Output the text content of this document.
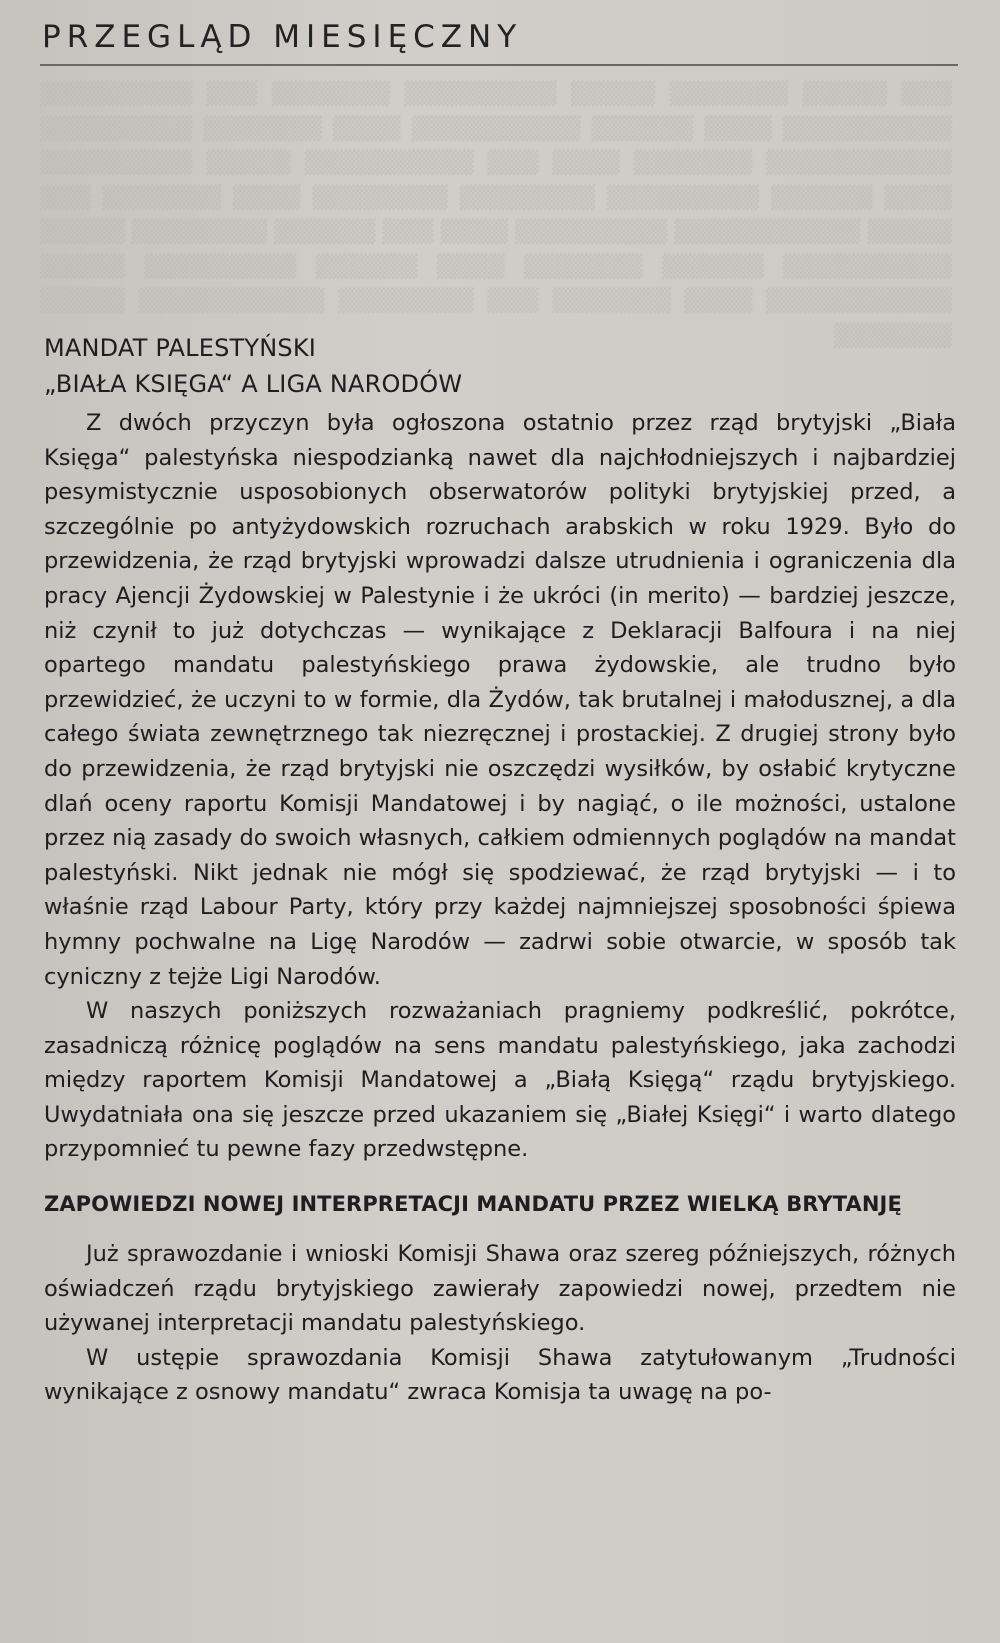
▒▒▒ ▒▒▒▒▒ ▒▒▒▒▒▒▒ ▒▒▒▒▒ ▒▒▒▒▒▒▒▒▒ ▒▒▒▒▒▒▒ ▒▒▒ ▒▒▒▒▒▒▒▒▒ ▒▒▒▒▒▒▒▒▒▒ ▒▒▒▒ ▒▒▒▒▒▒ ▒▒▒▒▒▒▒▒▒▒ ▒▒▒▒ ▒▒▒▒▒▒▒ ▒▒▒▒▒▒▒▒▒ ▒▒▒▒▒▒▒▒▒▒▒ ▒▒▒▒▒▒▒ ▒▒▒▒ ▒▒▒ ▒▒▒▒▒▒▒▒▒▒ ▒▒▒▒▒ ▒▒▒▒▒▒▒▒▒ ▒▒▒▒ ▒▒▒▒▒▒ ▒▒▒▒▒▒▒▒▒ ▒▒▒▒▒▒▒▒ ▒▒▒▒▒▒▒▒ ▒▒▒▒ ▒▒▒▒▒▒▒ ▒▒▒ ▒▒▒▒▒ ▒▒▒▒▒▒▒▒▒▒▒ ▒▒▒▒▒▒▒▒▒ ▒▒▒▒ ▒▒▒ ▒▒▒▒▒▒ ▒▒▒▒▒▒▒▒ ▒▒▒▒▒ ▒▒▒▒▒▒▒▒▒▒ ▒▒▒▒▒▒ ▒▒▒▒▒▒▒ ▒▒▒▒ ▒▒▒▒▒▒ ▒▒▒▒▒▒▒▒▒ ▒▒▒▒▒ ▒▒▒▒▒▒▒▒▒▒▒ ▒▒▒▒ ▒▒▒▒▒▒▒ ▒▒▒ ▒▒▒▒▒▒▒▒ ▒▒▒▒▒▒▒▒▒▒▒ ▒▒▒▒▒ ▒▒▒▒▒▒▒
PRZEGLĄD MIESIĘCZNY
MANDAT PALESTYŃSKI
„BIAŁA KSIĘGA“ A LIGA NARODÓW

Z dwóch przyczyn była ogłoszona ostatnio przez rząd brytyjski „Biała Księga“ palestyńska niespodzianką nawet dla najchłodniejszych i najbardziej pesymistycznie usposobionych obserwatorów polityki brytyjskiej przed, a szczególnie po antyżydowskich rozruchach arabskich w roku 1929. Było do przewidzenia, że rząd brytyjski wprowadzi dalsze utrudnienia i ograniczenia dla pracy Ajencji Żydowskiej w Palestynie i że ukróci (in merito) — bardziej jeszcze, niż czynił to już dotychczas — wynikające z Deklaracji Balfoura i na niej opartego mandatu palestyńskiego prawa żydowskie, ale trudno było przewidzieć, że uczyni to w formie, dla Żydów, tak brutalnej i małodusznej, a dla całego świata zewnętrznego tak niezręcznej i prostackiej. Z drugiej strony było do przewidzenia, że rząd brytyjski nie oszczędzi wysiłków, by osłabić krytyczne dlań oceny raportu Komisji Mandatowej i by nagiąć, o ile możności, ustalone przez nią zasady do swoich własnych, całkiem odmiennych poglądów na mandat palestyński. Nikt jednak nie mógł się spodziewać, że rząd brytyjski — i to właśnie rząd Labour Party, który przy każdej najmniejszej sposobności śpiewa hymny pochwalne na Ligę Narodów — zadrwi sobie otwarcie, w sposób tak cyniczny z tejże Ligi Narodów.

W naszych poniższych rozważaniach pragniemy podkreślić, pokrótce, zasadniczą różnicę poglądów na sens mandatu palestyńskiego, jaka zachodzi między raportem Komisji Mandatowej a „Białą Księgą“ rządu brytyjskiego. Uwydatniała ona się jeszcze przed ukazaniem się „Białej Księgi“ i warto dlatego przypomnieć tu pewne fazy przedwstępne.

ZAPOWIEDZI NOWEJ INTERPRETACJI MANDATU PRZEZ WIELKĄ BRYTANJĘ

Już sprawozdanie i wnioski Komisji Shawa oraz szereg późniejszych, różnych oświadczeń rządu brytyjskiego zawierały zapowiedzi nowej, przedtem nie używanej interpretacji mandatu palestyńskiego.

W ustępie sprawozdania Komisji Shawa zatytułowanym „Trudności wynikające z osnowy mandatu“ zwraca Komisja ta uwagę na po-
